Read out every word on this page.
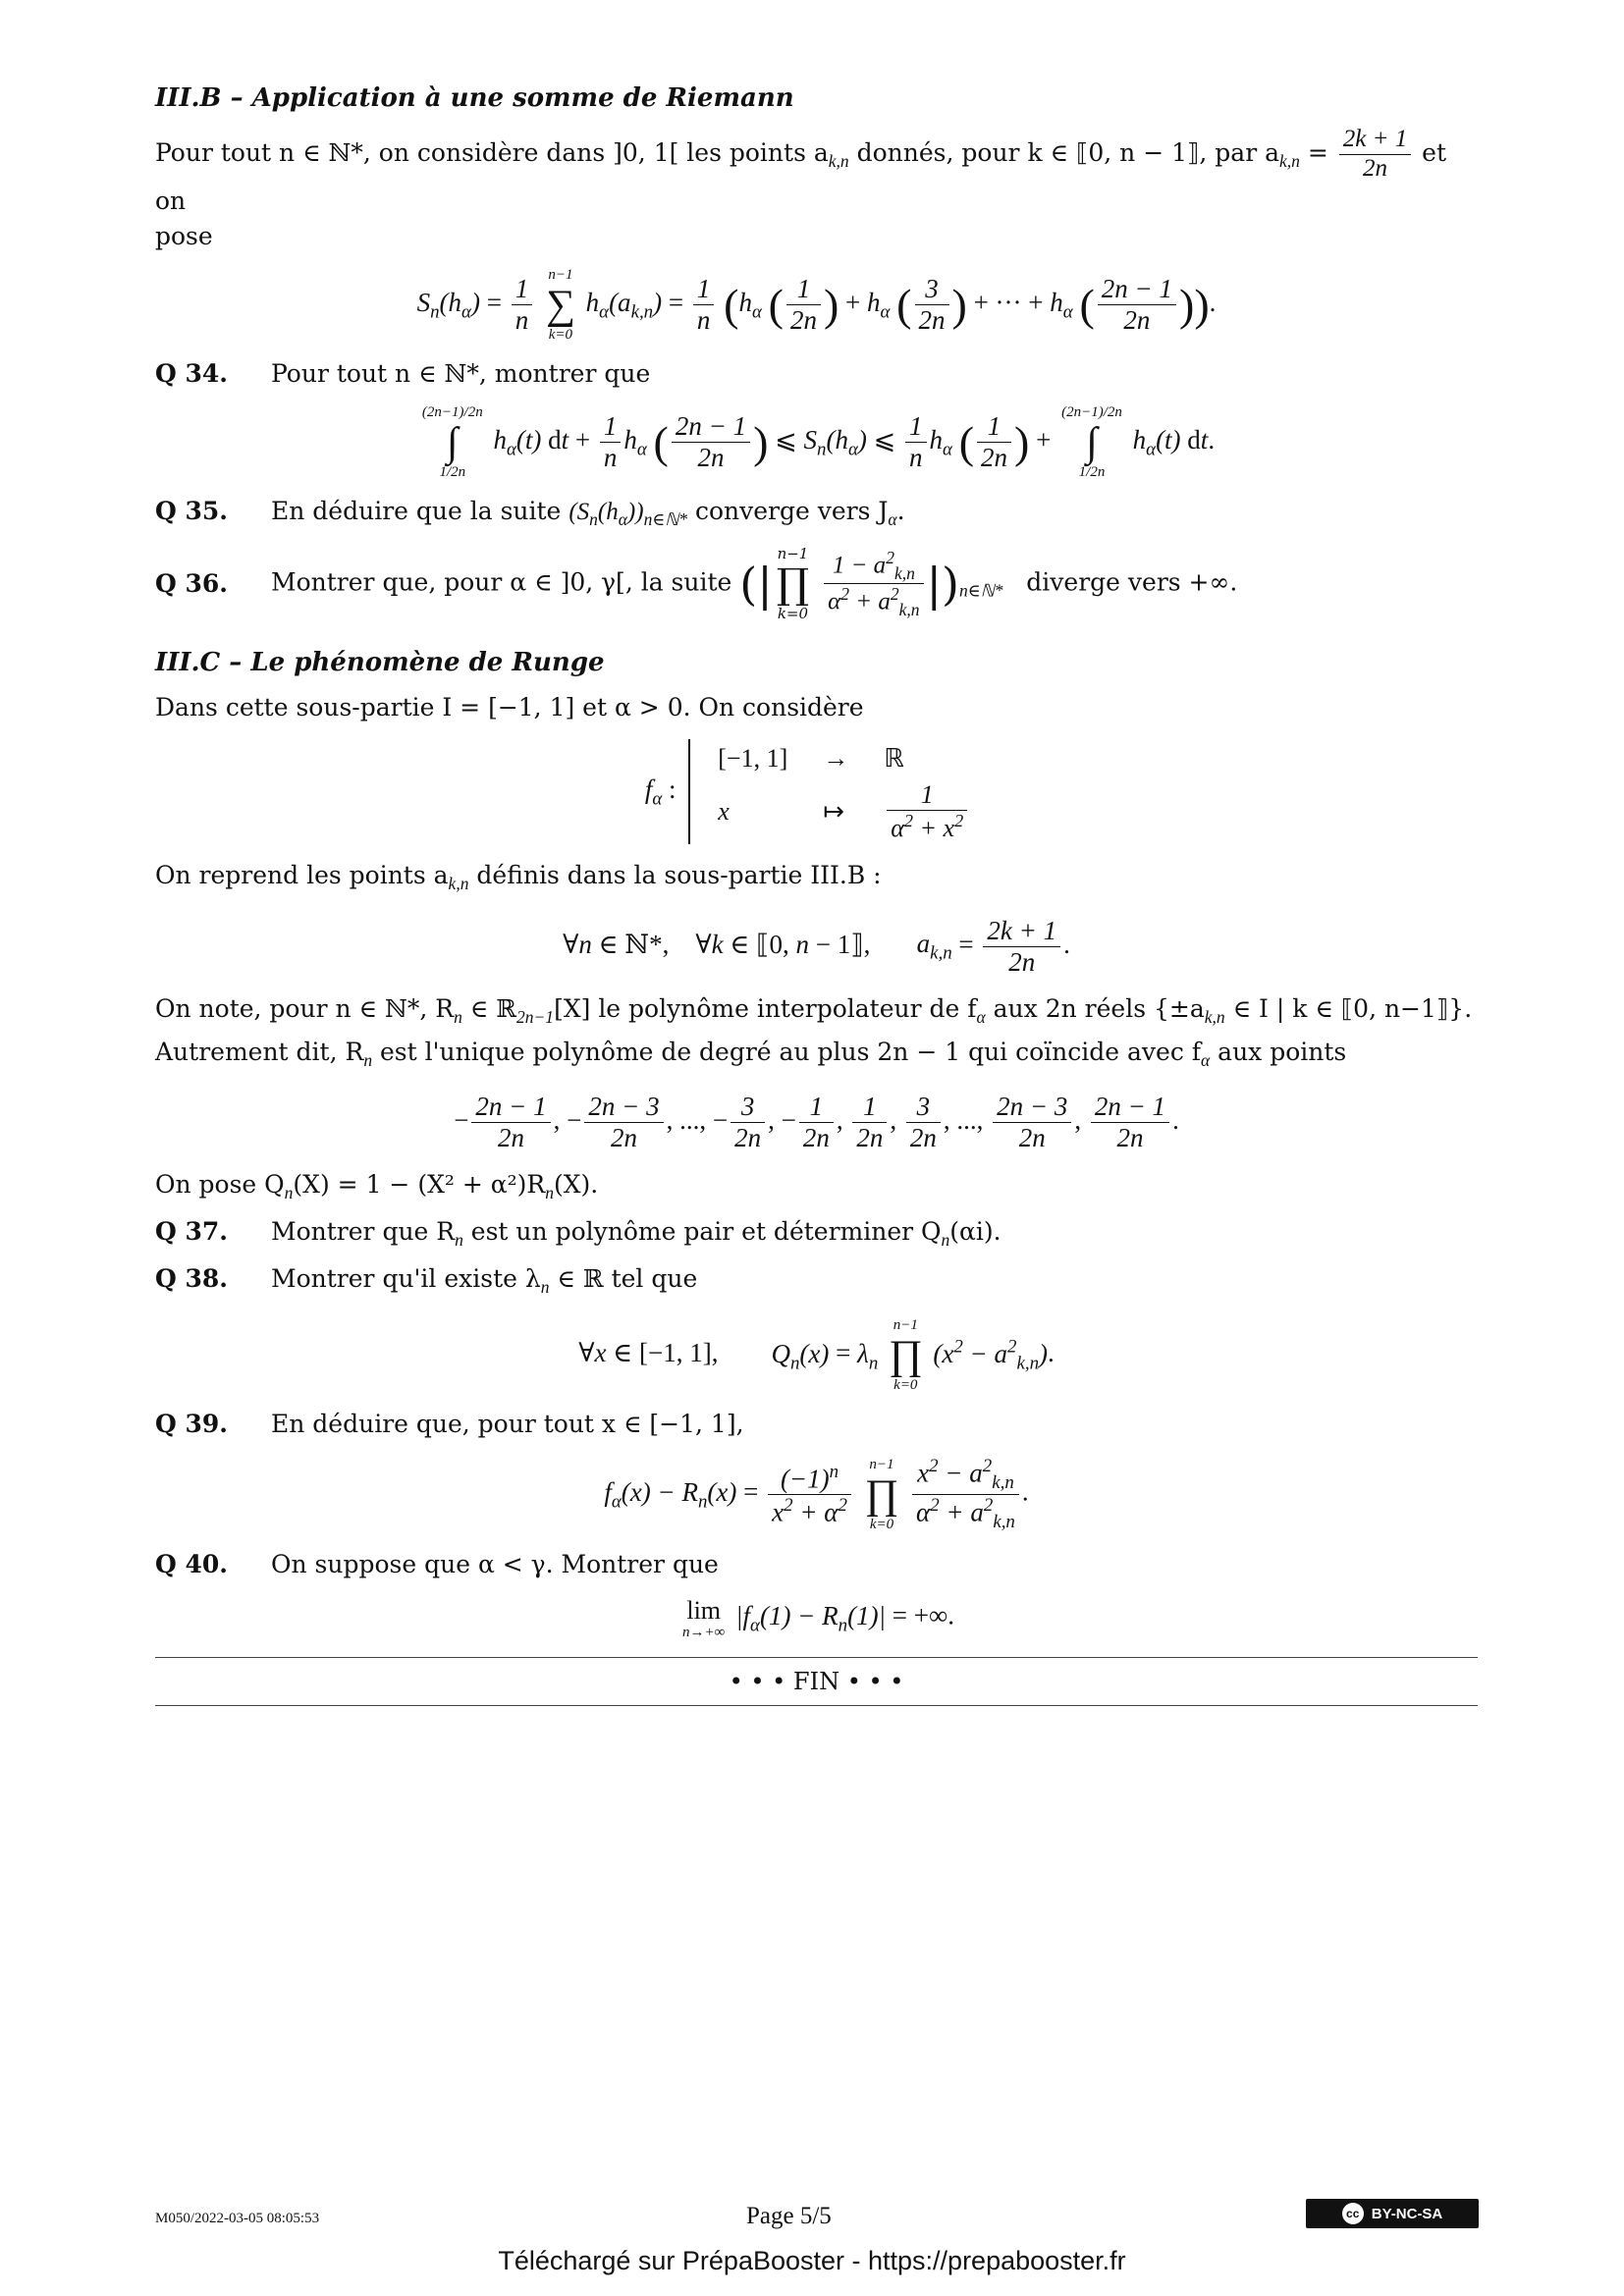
III.B – Application à une somme de Riemann
Pour tout n ∈ ℕ*, on considère dans ]0, 1[ les points $a_{k,n}$ donnés, pour k ∈ ⟦0, n − 1⟧, par $a_{k,n} = \frac{2k + 1}{2n}$ et on
pose
$S_n(h_\alpha) = \frac{1}{n}$
n−1
∑
k=0
$h_\alpha(a_{k,n}) = \frac{1}{n} (h_\alpha$ ( $\frac{1}{2n}$ ) + $h_\alpha$ ( $\frac{3}{2n}$ ) + ··· + $h_\alpha$ ( $\frac{2n - 1}{2n}$ )).
Q 34.	Pour tout n ∈ ℕ*, montrer que
(2n−1)/2n
∫
1/2n
$h_\alpha(t)$ dt + $\frac{1}{n} h_\alpha$ ( $\frac{2n - 1}{2n}$ ) ⩽ $S_n(h_\alpha)$ ⩽ $\frac{1}{n} h_\alpha$ ( $\frac{1}{2n}$ ) +
(2n−1)/2n
∫
1/2n
$h_\alpha(t)$ dt.
Q 35.	En déduire que la suite $(S_n(h_\alpha))_{n\in ℕ*}$ converge vers $J_\alpha$.
Q 36.	Montrer que, pour α ∈ ]0, γ[, la suite (|
n−1
∏
k=0
$\frac{1 - a^2_{k,n}}{\alpha^2 + a^2_{k,n}} |)_{n\in ℕ*}$ diverge vers +∞.
III.C – Le phénomène de Runge
Dans cette sous-partie I = [−1, 1] et α > 0. On considère
$f_\alpha$ :
[−1, 1]	→	ℝ
x	↦	$\frac{1}{\alpha^2 + x^2}$
On reprend les points $a_{k,n}$ définis dans la sous-partie III.B :
∀n ∈ ℕ*,    ∀k ∈ ⟦0, n − 1⟧,       $a_{k,n} = \frac{2k + 1}{2n}$ .
On note, pour n ∈ ℕ*, $R_n$ ∈ ℝ$_{2n-1}$[X] le polynôme interpolateur de $f_\alpha$ aux 2n réels {$\pm a_{k,n}$ ∈ I | k ∈ ⟦0, n−1⟧}.
Autrement dit, $R_n$ est l'unique polynôme de degré au plus 2n − 1 qui coïncide avec $f_\alpha$ aux points
− $\frac{2n - 1}{2n}$ , − $\frac{2n - 3}{2n}$ , ..., − $\frac{3}{2n}$ , − $\frac{1}{2n}$ , $\frac{1}{2n}$ , $\frac{3}{2n}$ , ..., $\frac{2n - 3}{2n}$ , $\frac{2n - 1}{2n}$ .
On pose $Q_n(X) = 1 - (X^2 + \alpha^2)R_n(X)$.
Q 37.	Montrer que $R_n$ est un polynôme pair et déterminer $Q_n(\alpha i)$.
Q 38.	Montrer qu'il existe $\lambda_n$ ∈ ℝ tel que
∀x ∈ [−1, 1],        $Q_n(x) = \lambda_n$
n−1
∏
k=0
$(x^2 - a^2_{k,n})$.
Q 39.	En déduire que, pour tout x ∈ [−1, 1],
$f_\alpha(x) - R_n(x) = \frac{(-1)^n}{x^2 + \alpha^2}$
	n−1
∏
k=0
$\frac{x^2 - a^2_{k,n}}{\alpha^2 + a^2_{k,n}}$ .
Q 40.	On suppose que α < γ. Montrer que
lim
n→+∞
$|f_\alpha(1) - R_n(1)|$ = +∞.
• • • FIN • • •
M050/2022-03-05 08:05:53	Page 5/5	cc BY-NC-SA
Téléchargé sur PrépaBooster - https://prepabooster.fr
